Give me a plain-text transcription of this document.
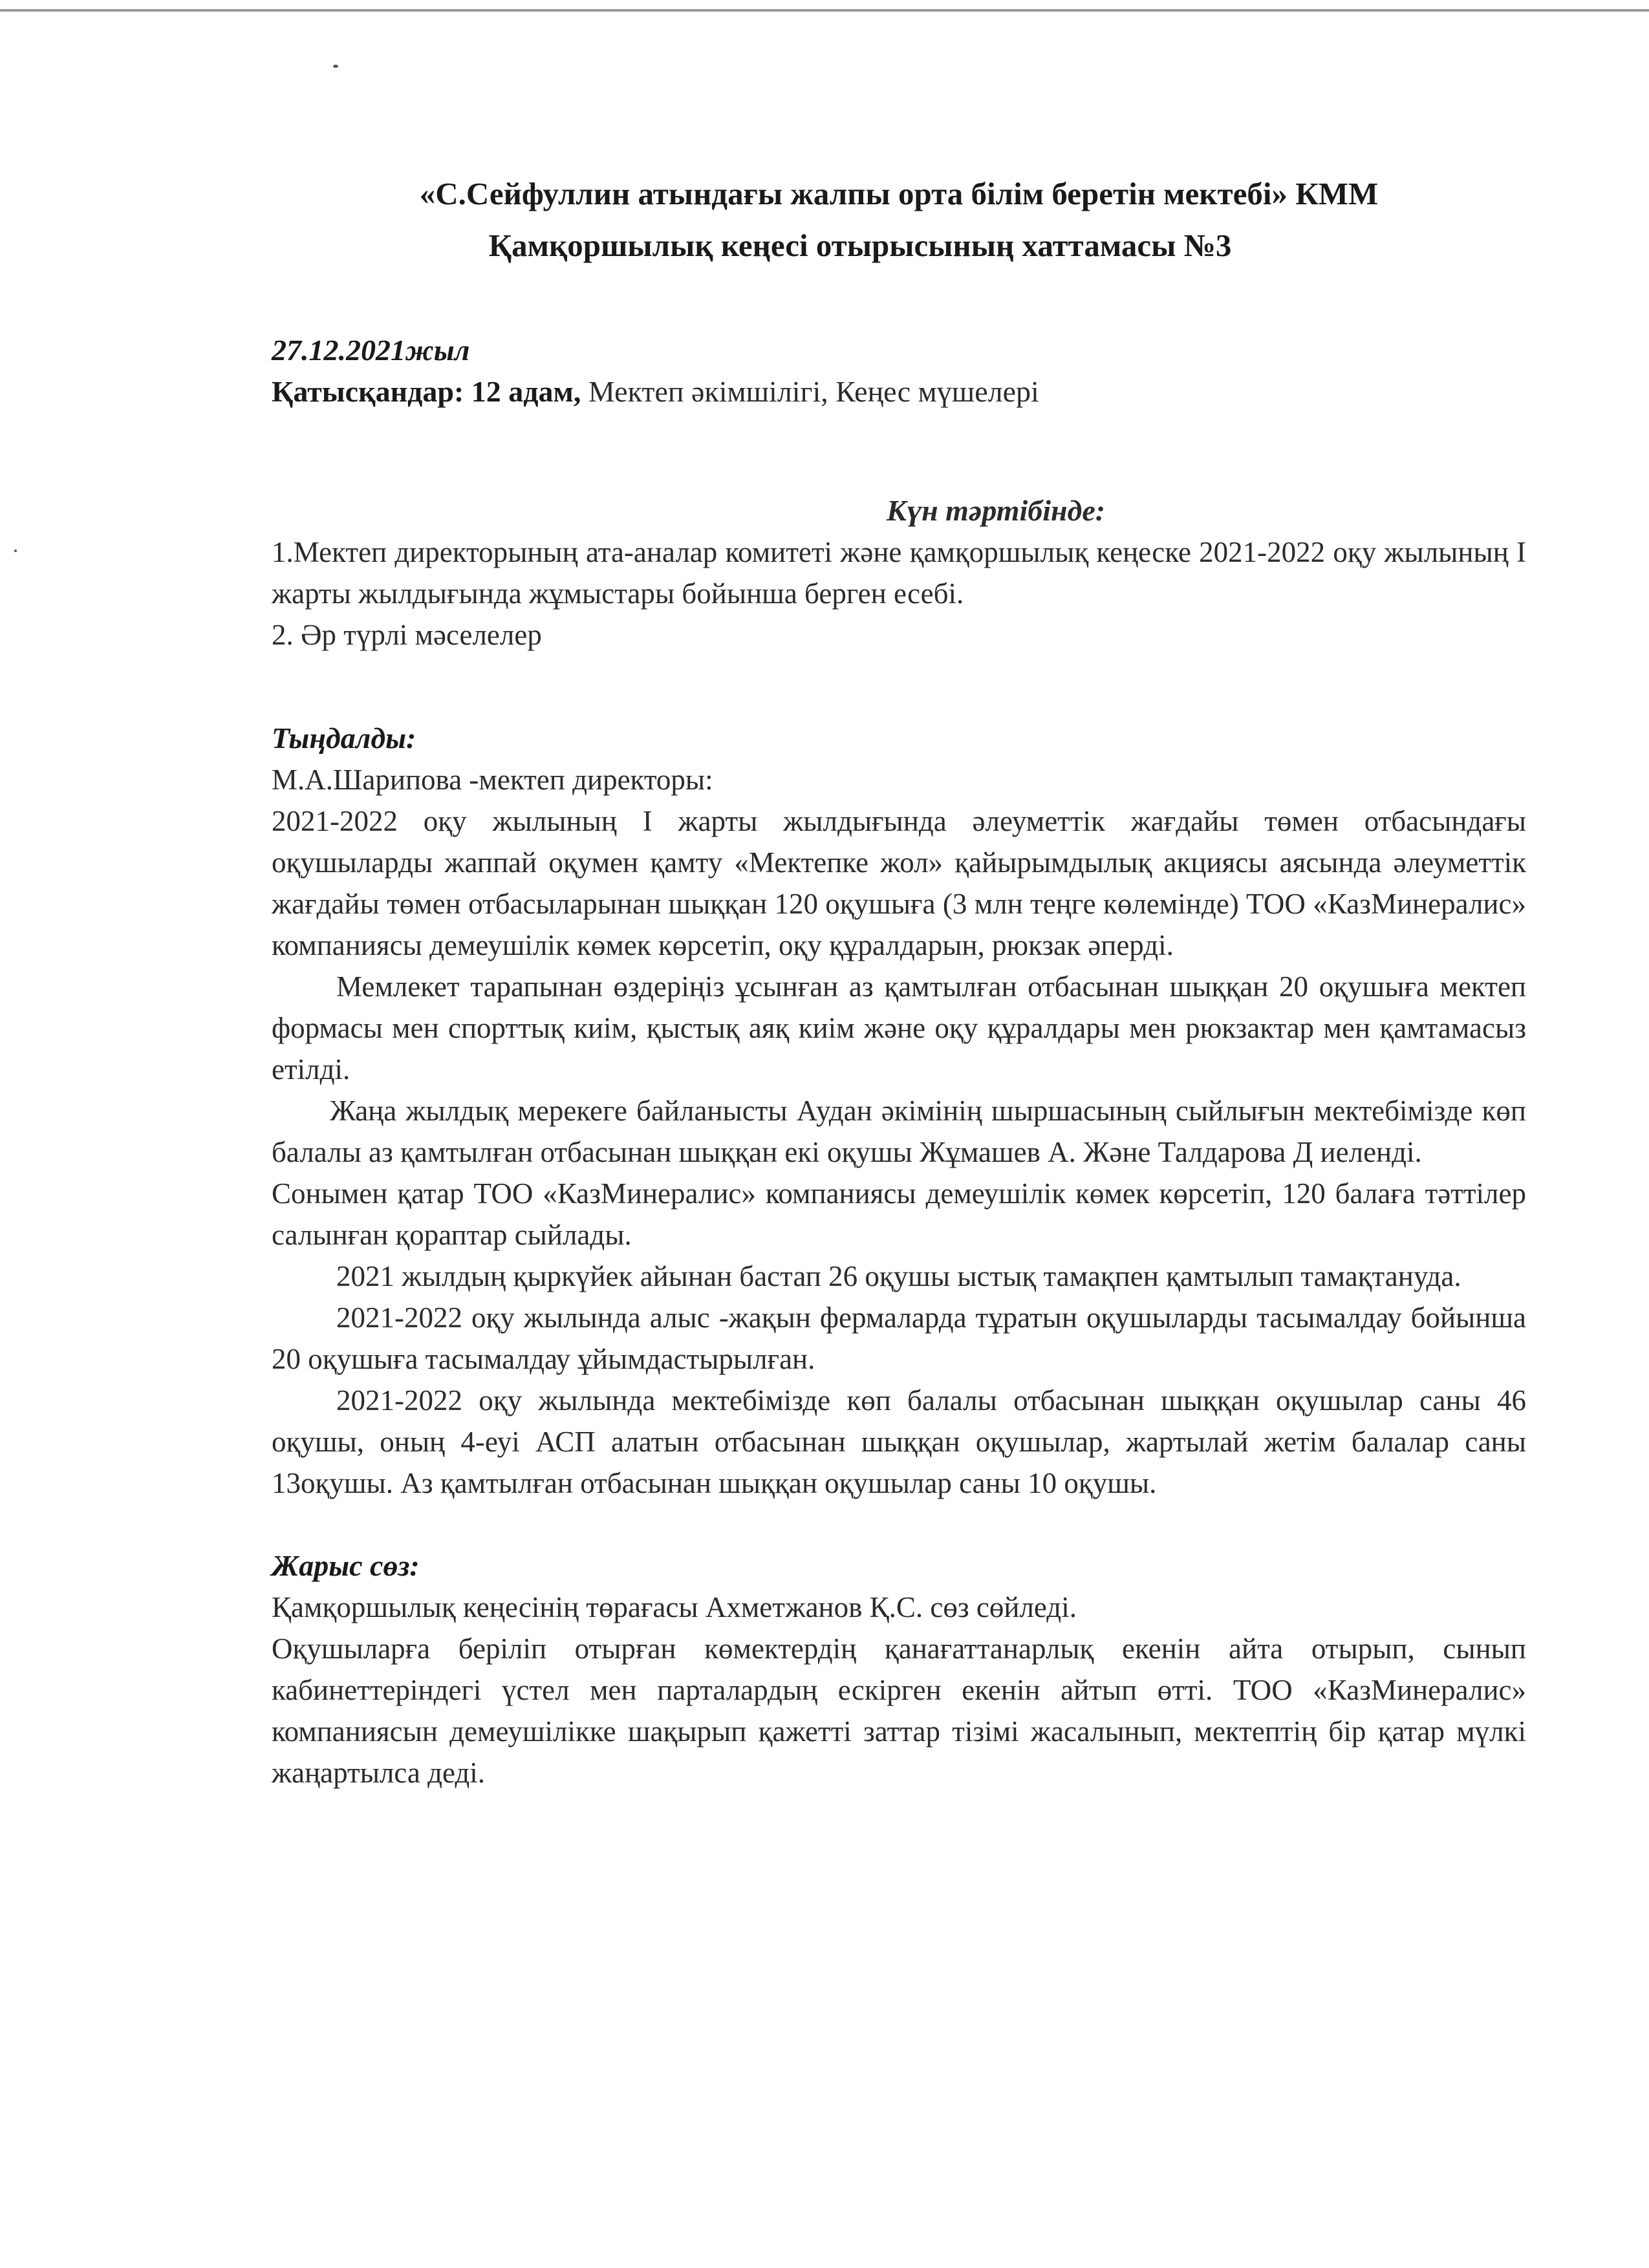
«С.Сейфуллин атындағы жалпы орта білім беретін мектебі» КММ
Қамқоршылық кеңесі отырысының хаттамасы №3
27.12.2021жыл
Қатысқандар: 12 адам, Мектеп әкімшілігі, Кеңес мүшелері
Күн тәртібінде:

1.Мектеп директорының ата-аналар комитеті және қамқоршылық кеңеске 2021-2022 оқу жылының I жарты жылдығында жұмыстары бойынша берген есебі.

2. Әр түрлі мәселелер

Тыңдалды:

М.А.Шарипова -мектеп директоры:

2021-2022 оқу жылының I жарты жылдығында әлеуметтік жағдайы төмен отбасындағы оқушыларды жаппай оқумен қамту «Мектепке жол» қайырымдылық акциясы аясында әлеуметтік жағдайы төмен отбасыларынан шыққан 120 оқушыға (3 млн теңге көлемінде) ТОО «КазМинералис» компаниясы демеушілік көмек көрсетіп, оқу құралдарын, рюкзак әперді.

Мемлекет тарапынан өздеріңіз ұсынған аз қамтылған отбасынан шыққан 20 оқушыға мектеп формасы мен спорттық киім, қыстық аяқ киім және оқу құралдары мен рюкзактар мен қамтамасыз етілді.

Жаңа жылдық мерекеге байланысты Аудан әкімінің шыршасының сыйлығын мектебімізде көп балалы аз қамтылған отбасынан шыққан екі оқушы Жұмашев А. Және Талдарова Д иеленді.

Сонымен қатар ТОО «КазМинералис» компаниясы демеушілік көмек көрсетіп, 120 балаға тәттілер салынған қораптар сыйлады.

2021 жылдың қыркүйек айынан бастап 26 оқушы ыстық тамақпен қамтылып тамақтануда.

2021-2022 оқу жылында алыс -жақын фермаларда тұратын оқушыларды тасымалдау бойынша 20 оқушыға тасымалдау ұйымдастырылған.

2021-2022 оқу жылында мектебімізде көп балалы отбасынан шыққан оқушылар саны 46 оқушы, оның 4-еуі АСП алатын отбасынан шыққан оқушылар, жартылай жетім балалар саны 13оқушы. Аз қамтылған отбасынан шыққан оқушылар саны 10 оқушы.

Жарыс сөз:

Қамқоршылық кеңесінің төрағасы Ахметжанов Қ.С. сөз сөйледі.

Оқушыларға беріліп отырған көмектердің қанағаттанарлық екенін айта отырып, сынып кабинеттеріндегі үстел мен парталардың ескірген екенін айтып өтті. ТОО «КазМинералис» компаниясын демеушілікке шақырып қажетті заттар тізімі жасалынып, мектептің бір қатар мүлкі жаңартылса деді.
